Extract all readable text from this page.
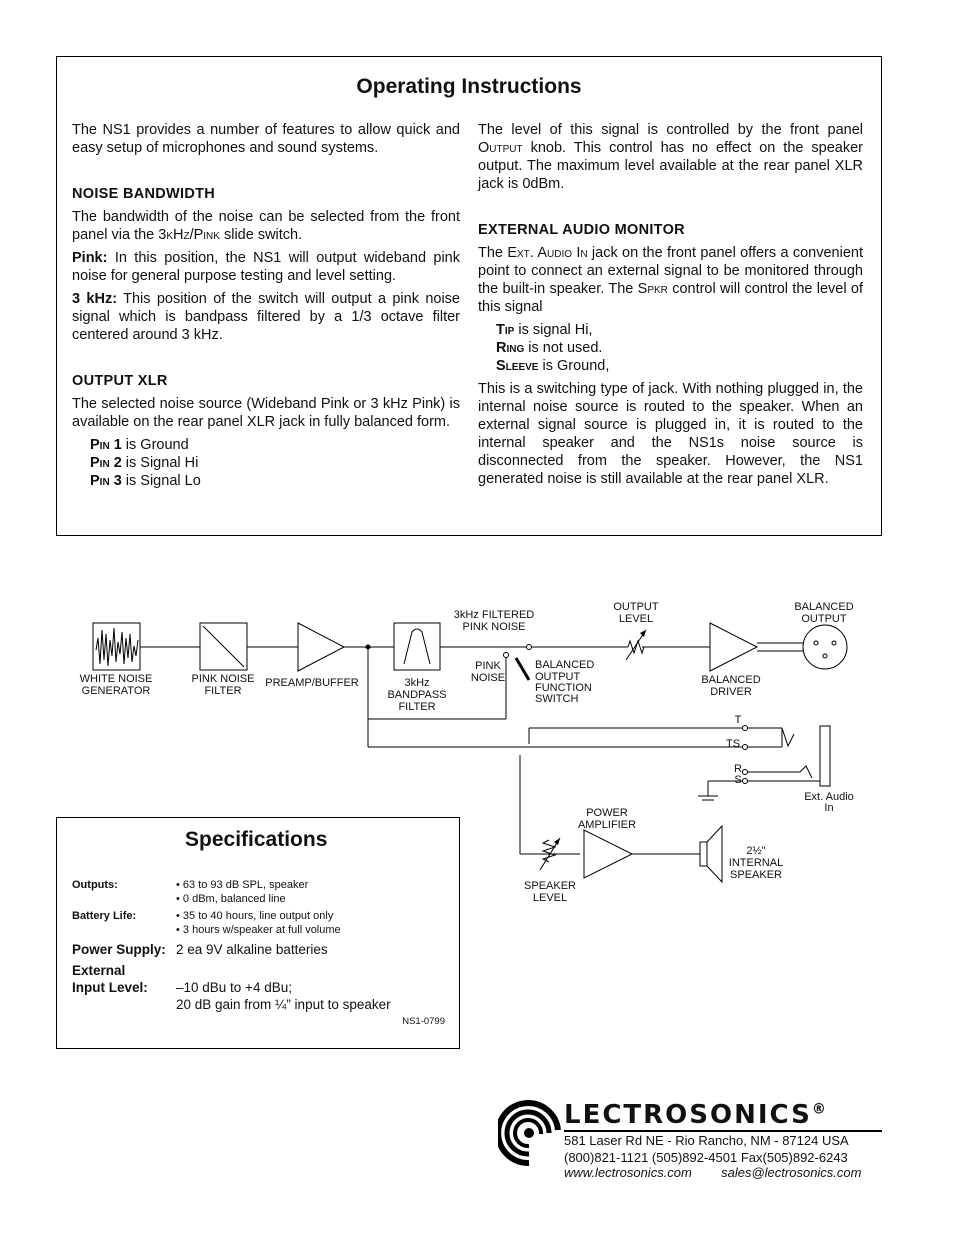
Operating Instructions

The NS1 provides a number of features to allow quick and easy setup of microphones and sound systems.

NOISE BANDWIDTH

The bandwidth of the noise can be selected from the front panel via the 3kHz/Pink slide switch.

Pink: In this position, the NS1 will output wideband pink noise for general purpose testing and level setting.

3 kHz: This position of the switch will output a pink noise signal which is bandpass filtered by a 1/3 octave filter centered around 3 kHz.

OUTPUT XLR

The selected noise source (Wideband Pink or 3 kHz Pink) is available on the rear panel XLR jack in fully balanced form.

Pin 1 is Ground

Pin 2 is Signal Hi

Pin 3 is Signal Lo

The level of this signal is controlled by the front panel Output knob. This control has no effect on the speaker output. The maximum level available at the rear panel XLR jack is 0dBm.

EXTERNAL AUDIO MONITOR

The Ext. Audio In jack on the front panel offers a convenient point to connect an external signal to be monitored through the built-in speaker. The Spkr control will control the level of this signal

Tip is signal Hi,

Ring is not used.

Sleeve is Ground,

This is a switching type of jack. With nothing plugged in, the internal noise source is routed to the speaker. When an external signal source is plugged in, it is routed to the internal speaker and the NS1s noise source is disconnected from the speaker. However, the NS1 generated noise is still available at the rear panel XLR.

WHITE NOISE
GENERATOR
PINK NOISE
FILTER
PREAMP/BUFFER	3kHz
BANDPASS
FILTER
3kHz FILTERED
PINK NOISE
PINK
NOISE
BALANCED
OUTPUT
FUNCTION
SWITCH
OUTPUT
LEVEL
BALANCED
DRIVER
BALANCED
OUTPUT
T
TS
R
S
Ext. Audio
In
SPEAKER
LEVEL
POWER
AMPLIFIER
2½"
INTERNAL
SPEAKER
Specifications
Outputs:	• 63 to 93 dB SPL, speaker
• 0 dBm, balanced line
Battery Life:	• 35 to 40 hours, line output only
• 3 hours w/speaker at full volume
Power Supply: 2 ea 9V alkaline batteries
External
Input Level: –10 dBu to +4 dBu;
20 dB gain from ¼” input to speaker
NS1-0799
LECTROSONICS®
581 Laser Rd NE - Rio Rancho, NM - 87124 USA
(800)821-1121 (505)892-4501 Fax(505)892-6243
www.lectrosonics.com sales@lectrosonics.com
